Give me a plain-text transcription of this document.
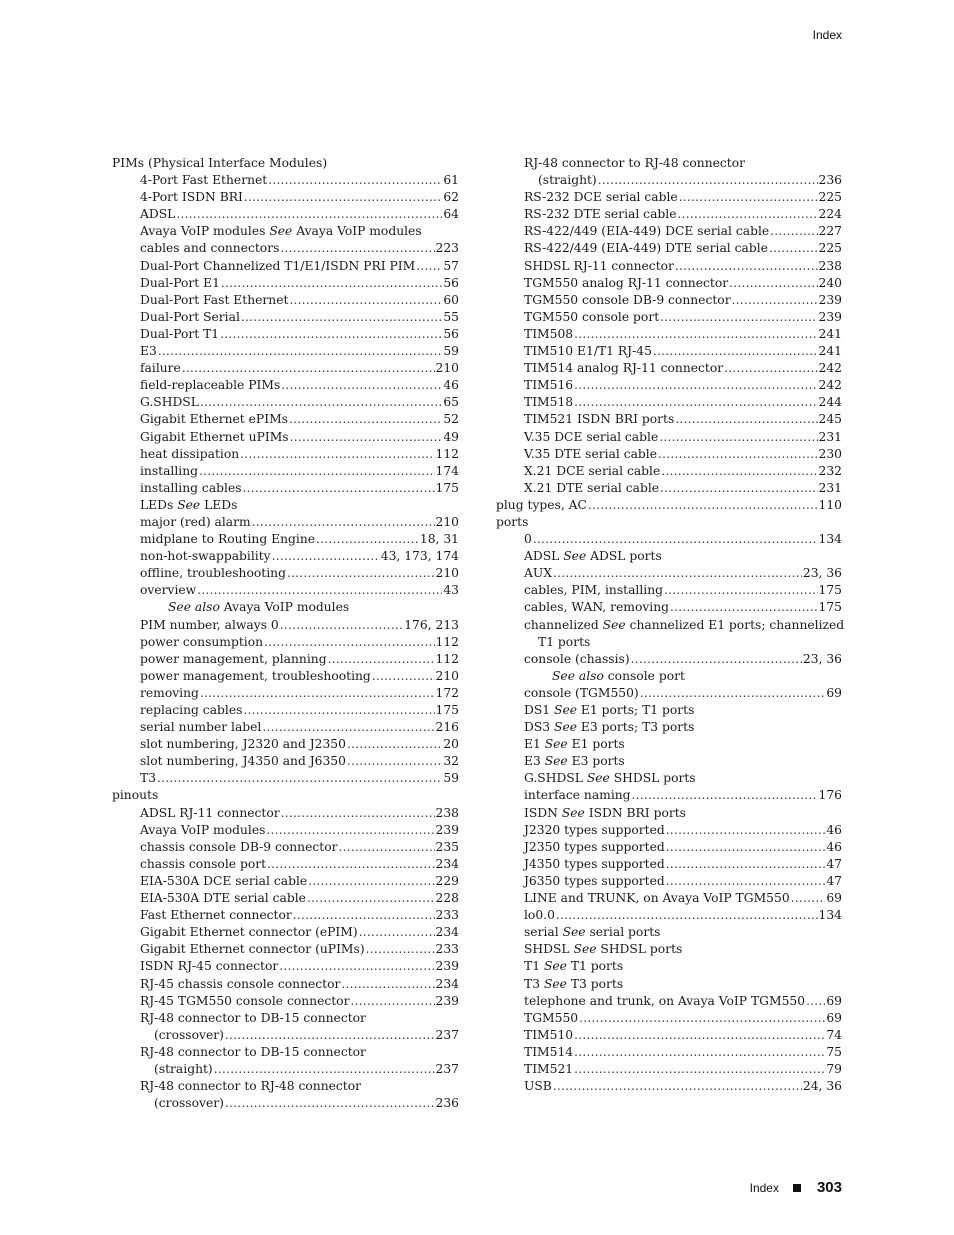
Index
PIMs (Physical Interface Modules)
4-Port Fast Ethernet .....	61
4-Port ISDN BRI .....	62
ADSL .....	64
Avaya VoIP modules See Avaya VoIP modules
cables and connectors .....	223
Dual-Port Channelized T1/E1/ISDN PRI PIM ..... 57
Dual-Port E1 .....	56
Dual-Port Fast Ethernet .....	60
Dual-Port Serial .....	55
Dual-Port T1 .....	56
E3 .....	59
failure .....	210
field-replaceable PIMs .....	46
G.SHDSL .....	65
Gigabit Ethernet ePIMs .....	52
Gigabit Ethernet uPIMs .....	49
heat dissipation .....	112
installing .....	174
installing cables .....	175
LEDs See LEDs
major (red) alarm .....	210
midplane to Routing Engine .....	18, 31
non-hot-swappability .....	43, 173, 174
offline, troubleshooting .....	210
overview .....	43
See also Avaya VoIP modules
PIM number, always 0 .....	176, 213
power consumption .....	112
power management, planning .....	112
power management, troubleshooting .....	210
removing .....	172
replacing cables .....	175
serial number label .....	216
slot numbering, J2320 and J2350 .....	20
slot numbering, J4350 and J6350 .....	32
T3 .....	59
pinouts
ADSL RJ-11 connector .....	238
Avaya VoIP modules .....	239
chassis console DB-9 connector .....	235
chassis console port .....	234
EIA-530A DCE serial cable .....	229
EIA-530A DTE serial cable .....	228
Fast Ethernet connector .....	233
Gigabit Ethernet connector (ePIM) .....	234
Gigabit Ethernet connector (uPIMs) .....	233
ISDN RJ-45 connector .....	239
RJ-45 chassis console connector .....	234
RJ-45 TGM550 console connector .....	239
RJ-48 connector to DB-15 connector
(crossover) .....	237
RJ-48 connector to DB-15 connector
(straight) .....	237
RJ-48 connector to RJ-48 connector
(crossover) .....	236
RJ-48 connector to RJ-48 connector
(straight) .....	236
RS-232 DCE serial cable .....	225
RS-232 DTE serial cable .....	224
RS-422/449 (EIA-449) DCE serial cable .....	227
RS-422/449 (EIA-449) DTE serial cable .....	225
SHDSL RJ-11 connector .....	238
TGM550 analog RJ-11 connector .....	240
TGM550 console DB-9 connector .....	239
TGM550 console port .....	239
TIM508 .....	241
TIM510 E1/T1 RJ-45 .....	241
TIM514 analog RJ-11 connector .....	242
TIM516 .....	242
TIM518 .....	244
TIM521 ISDN BRI ports .....	245
V.35 DCE serial cable .....	231
V.35 DTE serial cable .....	230
X.21 DCE serial cable .....	232
X.21 DTE serial cable .....	231
plug types, AC .....	110
ports
0 .....	134
ADSL See ADSL ports
AUX .....	23, 36
cables, PIM, installing .....	175
cables, WAN, removing .....	175
channelized See channelized E1 ports; channelized
T1 ports
console (chassis) .....	23, 36
See also console port
console (TGM550) .....	69
DS1 See E1 ports; T1 ports
DS3 See E3 ports; T3 ports
E1 See E1 ports
E3 See E3 ports
G.SHDSL See SHDSL ports
interface naming .....	176
ISDN See ISDN BRI ports
J2320 types supported .....	46
J2350 types supported .....	46
J4350 types supported .....	47
J6350 types supported .....	47
LINE and TRUNK, on Avaya VoIP TGM550 .....	69
lo0.0 .....	134
serial See serial ports
SHDSL See SHDSL ports
T1 See T1 ports
T3 See T3 ports
telephone and trunk, on Avaya VoIP TGM550 ..... 69
TGM550 .....	69
TIM510 .....	74
TIM514 .....	75
TIM521 .....	79
USB .....	24, 36
Index	303
